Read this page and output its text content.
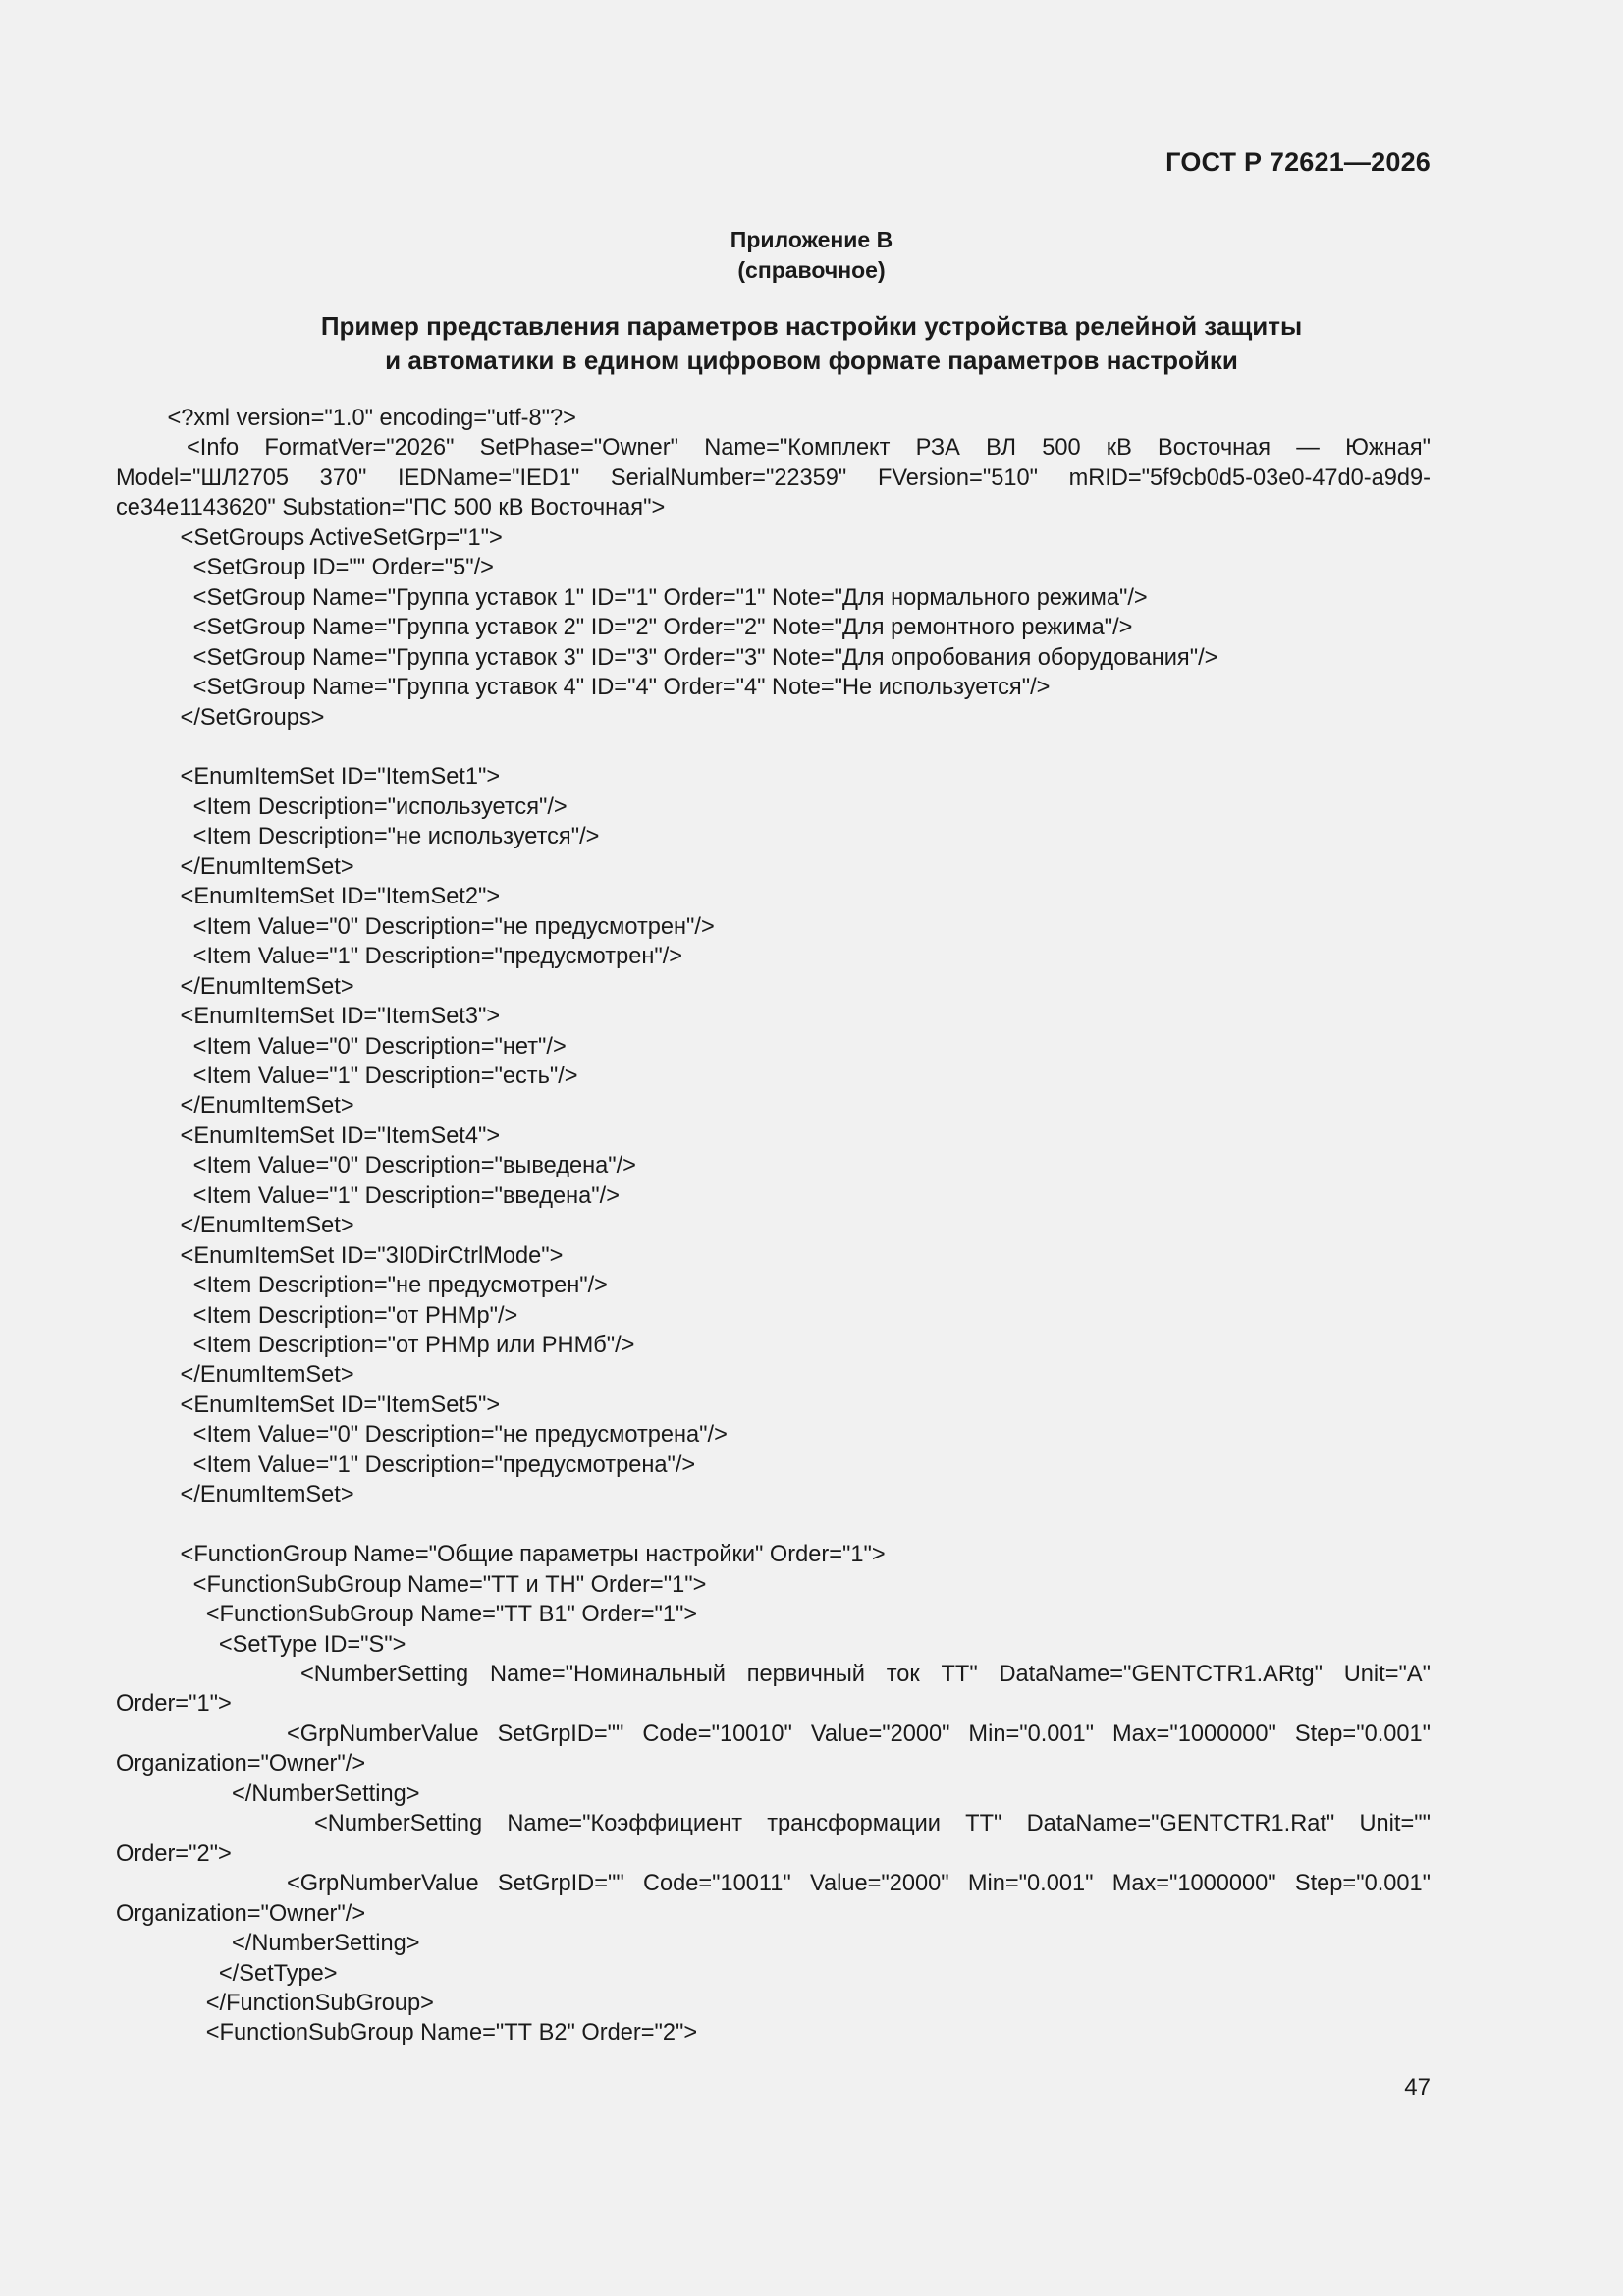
ГОСТ Р 72621—2026
Приложение В
(справочное)
Пример представления параметров настройки устройства релейной защиты
и автоматики в едином цифровом формате параметров настройки
<?xml version="1.0" encoding="utf-8"?>
<Info FormatVer="2026" SetPhase="Owner" Name="Комплект РЗА ВЛ 500 кВ Восточная — Южная"
Model="ШЛ2705 370" IEDName="IED1" SerialNumber="22359" FVersion="510" mRID="5f9cb0d5-03e0-47d0-a9d9-
ce34e1143620" Substation="ПС 500 кВ Восточная">
<SetGroups ActiveSetGrp="1">
<SetGroup ID="" Order="5"/>
<SetGroup Name="Группа уставок 1" ID="1" Order="1" Note="Для нормального режима"/>
<SetGroup Name="Группа уставок 2" ID="2" Order="2" Note="Для ремонтного режима"/>
<SetGroup Name="Группа уставок 3" ID="3" Order="3" Note="Для опробования оборудования"/>
<SetGroup Name="Группа уставок 4" ID="4" Order="4" Note="Не используется"/>
</SetGroups>
<EnumItemSet ID="ItemSet1">
<Item Description="используется"/>
<Item Description="не используется"/>
</EnumItemSet>
<EnumItemSet ID="ItemSet2">
<Item Value="0" Description="не предусмотрен"/>
<Item Value="1" Description="предусмотрен"/>
</EnumItemSet>
<EnumItemSet ID="ItemSet3">
<Item Value="0" Description="нет"/>
<Item Value="1" Description="есть"/>
</EnumItemSet>
<EnumItemSet ID="ItemSet4">
<Item Value="0" Description="выведена"/>
<Item Value="1" Description="введена"/>
</EnumItemSet>
<EnumItemSet ID="3I0DirCtrlMode">
<Item Description="не предусмотрен"/>
<Item Description="от РНМр"/>
<Item Description="от РНМр или РНМб"/>
</EnumItemSet>
<EnumItemSet ID="ItemSet5">
<Item Value="0" Description="не предусмотрена"/>
<Item Value="1" Description="предусмотрена"/>
</EnumItemSet>
<FunctionGroup Name="Общие параметры настройки" Order="1">
<FunctionSubGroup Name="ТТ и ТН" Order="1">
<FunctionSubGroup Name="ТТ В1" Order="1">
<SetType ID="S">
<NumberSetting Name="Номинальный первичный ток ТТ" DataName="GENTCTR1.ARtg" Unit="А"
Order="1">
<GrpNumberValue SetGrpID="" Code="10010" Value="2000" Min="0.001" Max="1000000" Step="0.001"
Organization="Owner"/>
</NumberSetting>
<NumberSetting Name="Коэффициент трансформации ТТ" DataName="GENTCTR1.Rat" Unit=""
Order="2">
<GrpNumberValue SetGrpID="" Code="10011" Value="2000" Min="0.001" Max="1000000" Step="0.001"
Organization="Owner"/>
</NumberSetting>
</SetType>
</FunctionSubGroup>
<FunctionSubGroup Name="ТТ В2" Order="2">
47
